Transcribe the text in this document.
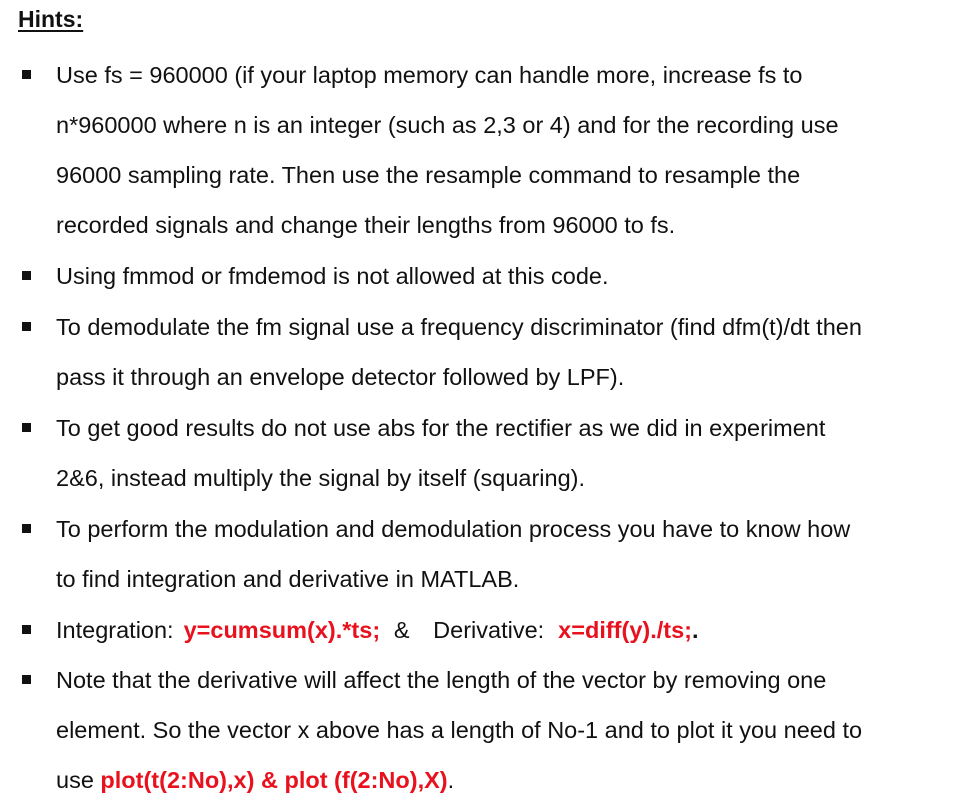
Hints:
Use fs = 960000 (if your laptop memory can handle more, increase fs to
n*960000 where n is an integer (such as 2,3 or 4) and for the recording use
96000 sampling rate. Then use the resample command to resample the
recorded signals and change their lengths from 96000 to fs.
Using fmmod or fmdemod is not allowed at this code.
To demodulate the fm signal use a frequency discriminator (find dfm(t)/dt then
pass it through an envelope detector followed by LPF).
To get good results do not use abs for the rectifier as we did in experiment
2&6, instead multiply the signal by itself (squaring).
To perform the modulation and demodulation process you have to know how
to find integration and derivative in MATLAB.
Integration: y=cumsum(x).*ts; & Derivative: x=diff(y)./ts;.
Note that the derivative will affect the length of the vector by removing one
element. So the vector x above has a length of No-1 and to plot it you need to
use plot(t(2:No),x) & plot (f(2:No),X).
